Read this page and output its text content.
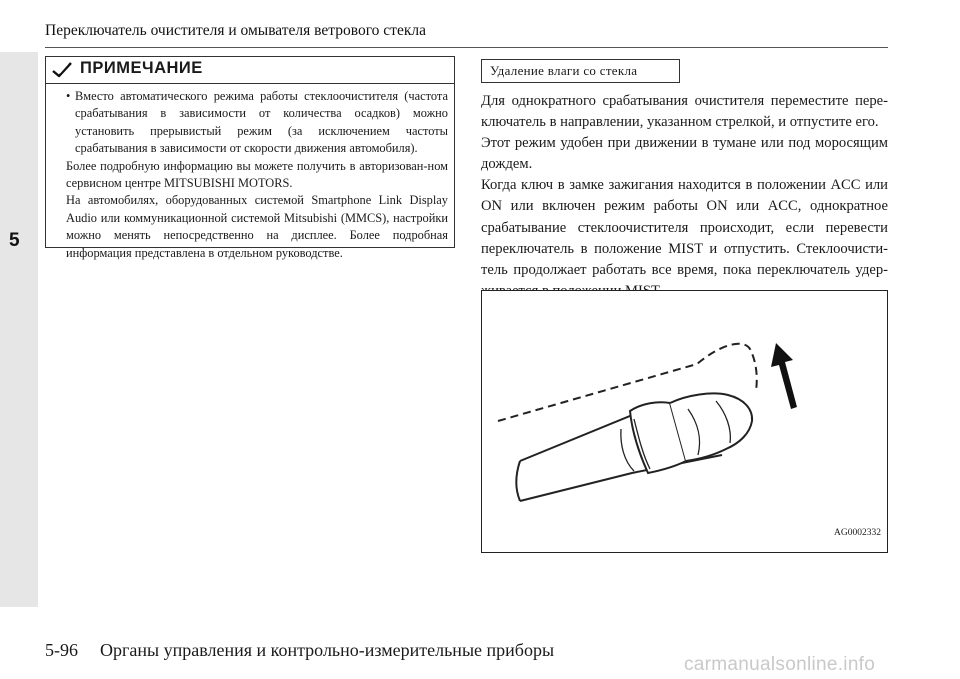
5
Переключатель очистителя и омывателя ветрового стекла
ПРИМЕЧАНИЕ
• Вместо автоматического режима работы стеклоочистителя (частота срабатывания в зависимости от количества осадков) можно установить прерывистый режим (за исключением частоты срабатывания в зависимости от скорости движения автомобиля).

Более подробную информацию вы можете получить в авторизован-ном сервисном центре MITSUBISHI MOTORS.

На автомобилях, оборудованных системой Smartphone Link Display Audio или коммуникационной системой Mitsubishi (MMCS), настройки можно менять непосредственно на дисплее. Более подробная информация представлена в отдельном руководстве.

Удаление влаги со стекла

Для однократного срабатывания очистителя переместите пере-ключатель в направлении, указанном стрелкой, и отпустите его.

Этот режим удобен при движении в тумане или под моросящим дождем.

Когда ключ в замке зажигания находится в положении ACC или ON или включен режим работы ON или ACC, однократное срабатывание стеклоочистителя происходит, если перевести переключатель в положение MIST и отпустить. Стеклоочисти-тель продолжает работать все время, пока переключатель удер-

AG0002332
5-96 Органы управления и контрольно-измерительные приборы
carmanualsonline.info
